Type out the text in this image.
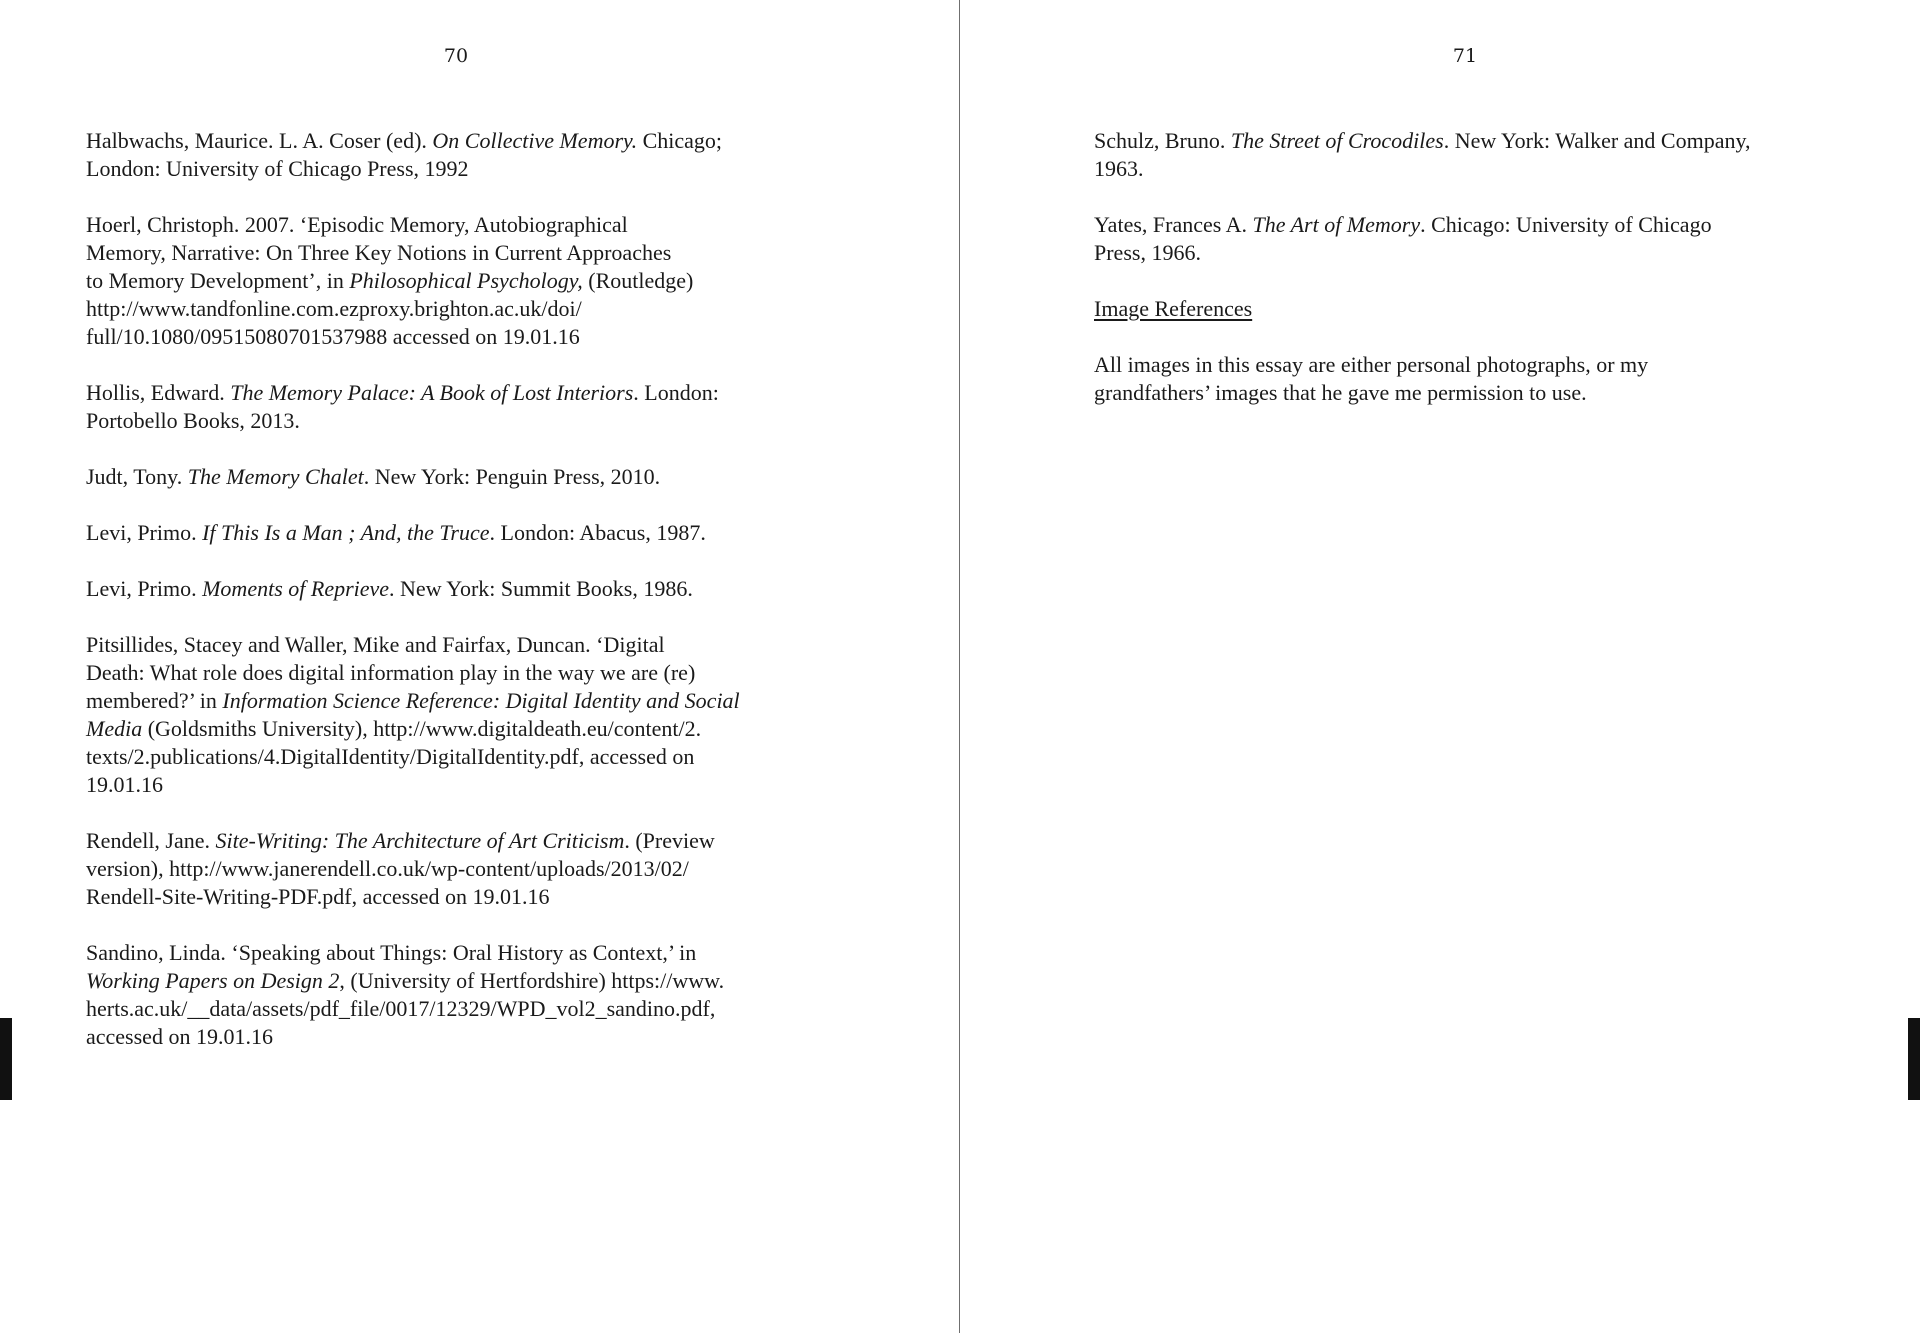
70

Halbwachs, Maurice. L. A. Coser (ed). On Collective Memory. Chicago;
London: University of Chicago Press, 1992

Hoerl, Christoph. 2007. ‘Episodic Memory, Autobiographical
Memory, Narrative: On Three Key Notions in Current Approaches
to Memory Development’, in Philosophical Psychology, (Routledge)
http://www.tandfonline.com.ezproxy.brighton.ac.uk/doi/
full/10.1080/09515080701537988 accessed on 19.01.16

Hollis, Edward. The Memory Palace: A Book of Lost Interiors. London:
Portobello Books, 2013.

Judt, Tony. The Memory Chalet. New York: Penguin Press, 2010.

Levi, Primo. If This Is a Man ; And, the Truce. London: Abacus, 1987.

Levi, Primo. Moments of Reprieve. New York: Summit Books, 1986.

Pitsillides, Stacey and Waller, Mike and Fairfax, Duncan. ‘Digital
Death: What role does digital information play in the way we are (re)
membered?’ in Information Science Reference: Digital Identity and Social
Media (Goldsmiths University), http://www.digitaldeath.eu/content/2.
texts/2.publications/4.DigitalIdentity/DigitalIdentity.pdf, accessed on
19.01.16

Rendell, Jane. Site-Writing: The Architecture of Art Criticism. (Preview
version), http://www.janerendell.co.uk/wp-content/uploads/2013/02/
Rendell-Site-Writing-PDF.pdf, accessed on 19.01.16

Sandino, Linda. ‘Speaking about Things: Oral History as Context,’ in
Working Papers on Design 2, (University of Hertfordshire) https://www.
herts.ac.uk/__data/assets/pdf_file/0017/12329/WPD_vol2_sandino.pdf,
accessed on 19.01.16

71

Schulz, Bruno. The Street of Crocodiles. New York: Walker and Company,
1963.

Yates, Frances A. The Art of Memory. Chicago: University of Chicago
Press, 1966.

Image References

All images in this essay are either personal photographs, or my
grandfathers’ images that he gave me permission to use.
